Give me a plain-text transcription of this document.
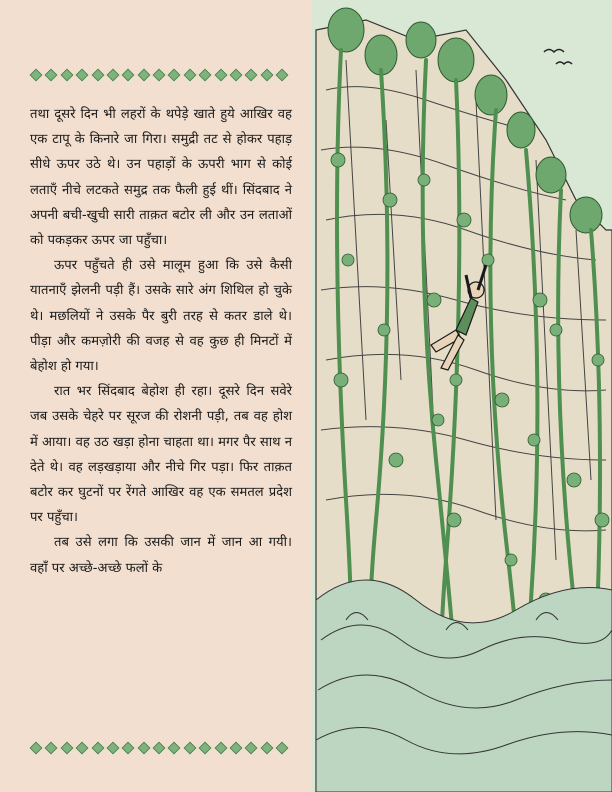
तथा दूसरे दिन भी लहरों के थपेड़े खाते हुये आखिर वह एक टापू के किनारे जा गिरा। समुद्री तट से होकर पहाड़ सीधे ऊपर उठे थे। उन पहाड़ों के ऊपरी भाग से कोई लताएँ नीचे लटकते समुद्र तक फैली हुई थीं। सिंदबाद ने अपनी बची-खुची सारी ताक़त बटोर ली और उन लताओं को पकड़कर ऊपर जा पहुँचा।

ऊपर पहुँचते ही उसे मालूम हुआ कि उसे कैसी यातनाएँ झेलनी पड़ी हैं। उसके सारे अंग शिथिल हो चुके थे। मछलियों ने उसके पैर बुरी तरह से कतर डाले थे। पीड़ा और कमज़ोरी की वजह से वह कुछ ही मिनटों में बेहोश हो गया।

रात भर सिंदबाद बेहोश ही रहा। दूसरे दिन सवेरे जब उसके चेहरे पर सूरज की रोशनी पड़ी, तब वह होश में आया। वह उठ खड़ा होना चाहता था। मगर पैर साथ न देते थे। वह लड़खड़ाया और नीचे गिर पड़ा। फिर ताक़त बटोर कर घुटनों पर रेंगते आखिर वह एक समतल प्रदेश पर पहुँचा।

तब उसे लगा कि उसकी जान में जान आ गयी। वहाँ पर अच्छे-अच्छे फलों के
